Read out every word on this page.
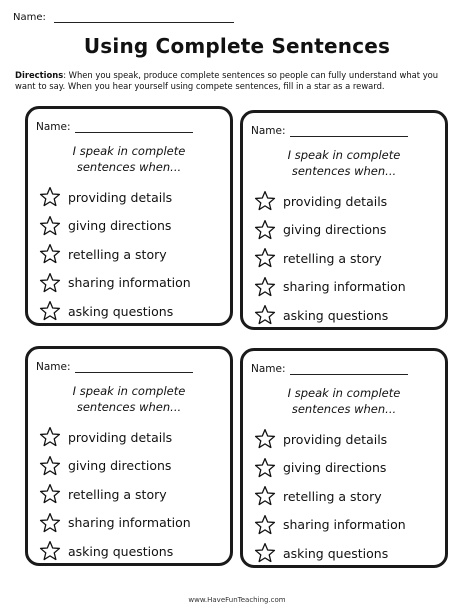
Name:
Using Complete Sentences
Directions: When you speak, produce complete sentences so people can fully understand what you want to say. When you hear yourself using compete sentences, fill in a star as a reward.
Name:
I speak in complete
sentences when...
providing details
giving directions
retelling a story
sharing information
asking questions
Name:
I speak in complete
sentences when...
providing details
giving directions
retelling a story
sharing information
asking questions
Name:
I speak in complete
sentences when...
providing details
giving directions
retelling a story
sharing information
asking questions
Name:
I speak in complete
sentences when...
providing details
giving directions
retelling a story
sharing information
asking questions
www.HaveFunTeaching.com
